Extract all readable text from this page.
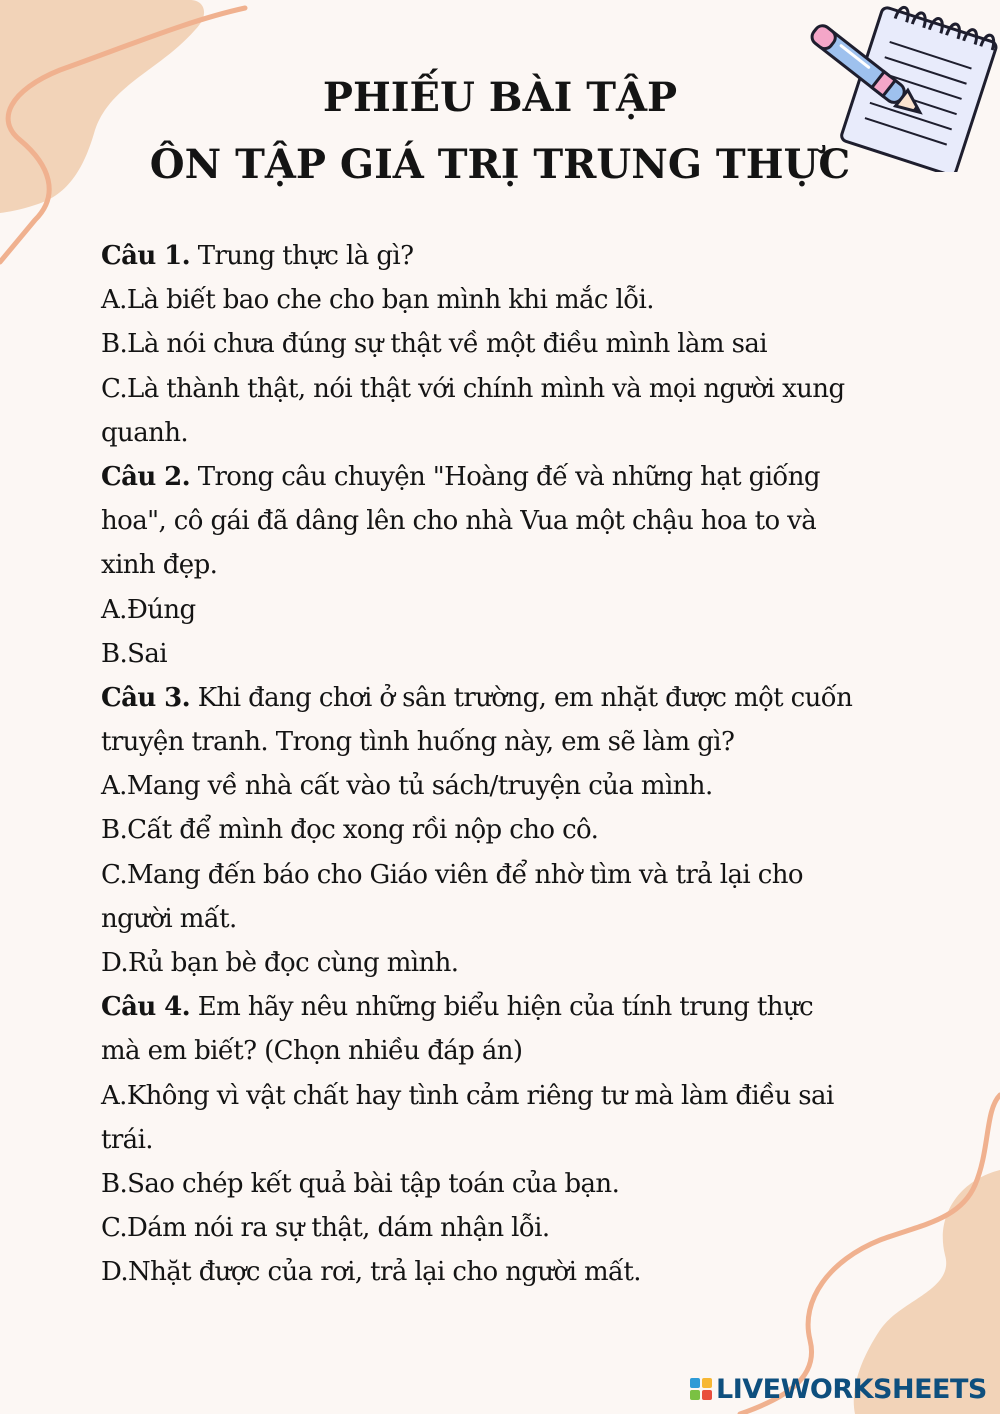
PHIẾU BÀI TẬP
ÔN TẬP GIÁ TRỊ TRUNG THỰC
Câu 1. Trung thực là gì?
A.Là biết bao che cho bạn mình khi mắc lỗi.
B.Là nói chưa đúng sự thật về một điều mình làm sai
C.Là thành thật, nói thật với chính mình và mọi người xung
quanh.
Câu 2. Trong câu chuyện "Hoàng đế và những hạt giống
hoa", cô gái đã dâng lên cho nhà Vua một chậu hoa to và
xinh đẹp.
A.Đúng
B.Sai
Câu 3. Khi đang chơi ở sân trường, em nhặt được một cuốn
truyện tranh. Trong tình huống này, em sẽ làm gì?
A.Mang về nhà cất vào tủ sách/truyện của mình.
B.Cất để mình đọc xong rồi nộp cho cô.
C.Mang đến báo cho Giáo viên để nhờ tìm và trả lại cho
người mất.
D.Rủ bạn bè đọc cùng mình.
Câu 4. Em hãy nêu những biểu hiện của tính trung thực
mà em biết? (Chọn nhiều đáp án)
A.Không vì vật chất hay tình cảm riêng tư mà làm điều sai
trái.
B.Sao chép kết quả bài tập toán của bạn.
C.Dám nói ra sự thật, dám nhận lỗi.
D.Nhặt được của rơi, trả lại cho người mất.
LIVEWORKSHEETS
